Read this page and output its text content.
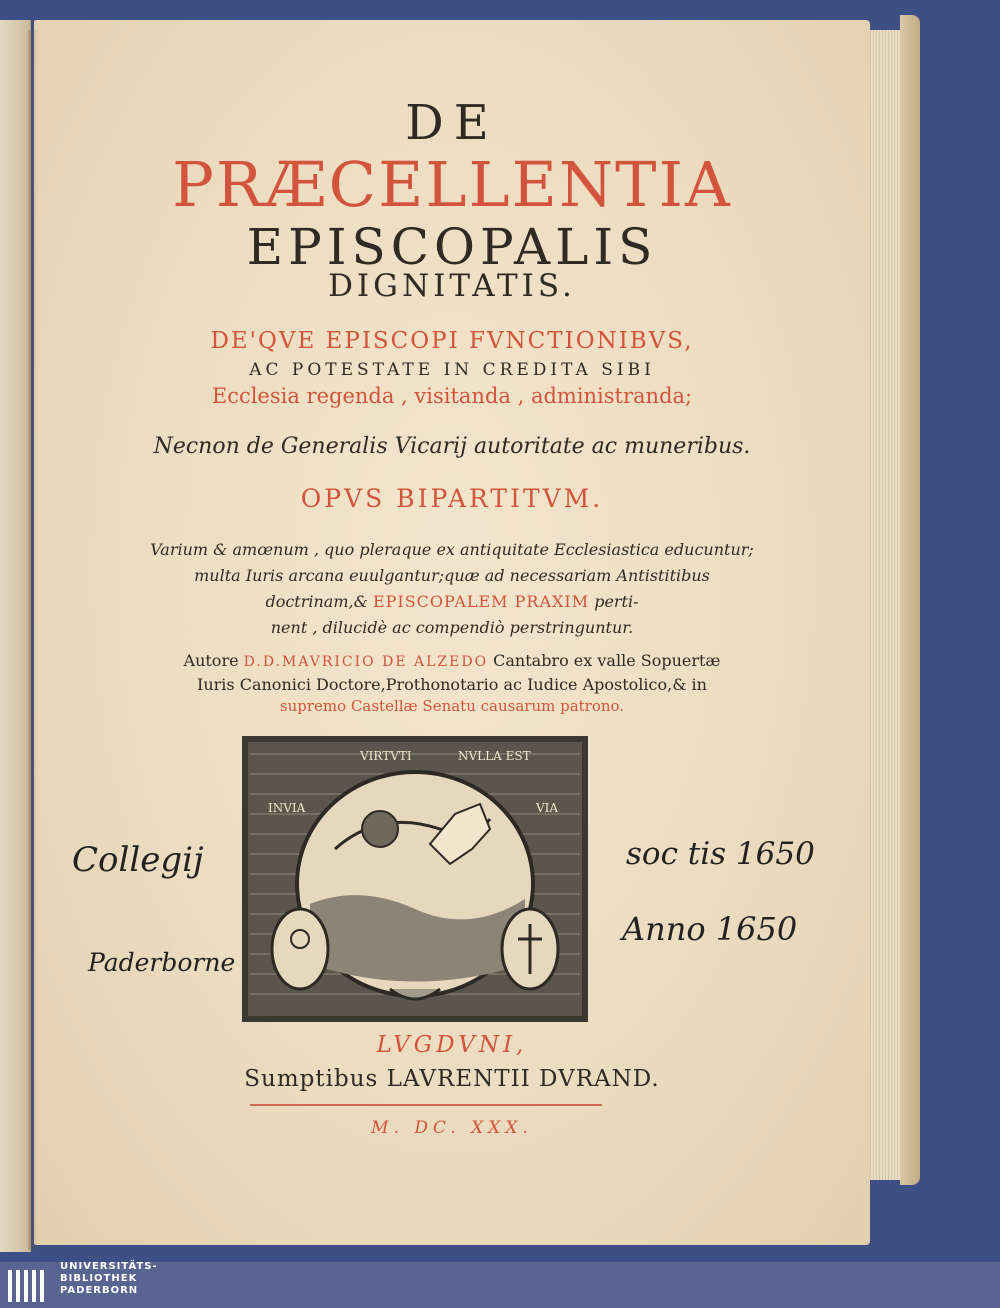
DE

PRÆCELLENTIA

EPISCOPALIS

DIGNITATIS.

DE'QVE EPISCOPI FVNCTIONIBVS,

AC POTESTATE IN CREDITA SIBI

Ecclesia regenda , visitanda , administranda;

Necnon de Generalis Vicarij autoritate ac muneribus.

OPVS BIPARTITVM.

Varium & amœnum , quo pleraque ex antiquitate Ecclesiastica educuntur;

multa Iuris arcana euulgantur;quæ ad necessariam Antistitibus

doctrinam,& EPISCOPALEM PRAXIM perti-

nent , dilucidè ac compendiò perstringuntur.

Autore D.D.MAVRICIO DE ALZEDO Cantabro ex valle Sopuertæ

Iuris Canonici Doctore,Prothonotario ac Iudice Apostolico,& in

supremo Castellæ Senatu causarum patrono.

VIRTVTI	NVLLA EST
INVIA	VIA

LVGDVNI,

Sumptibus LAVRENTII DVRAND.

M. DC. XXX.

Collegij
Paderborne
soc tis 1650
Anno 1650

UNIVERSITÄTS-

BIBLIOTHEK

PADERBORN
